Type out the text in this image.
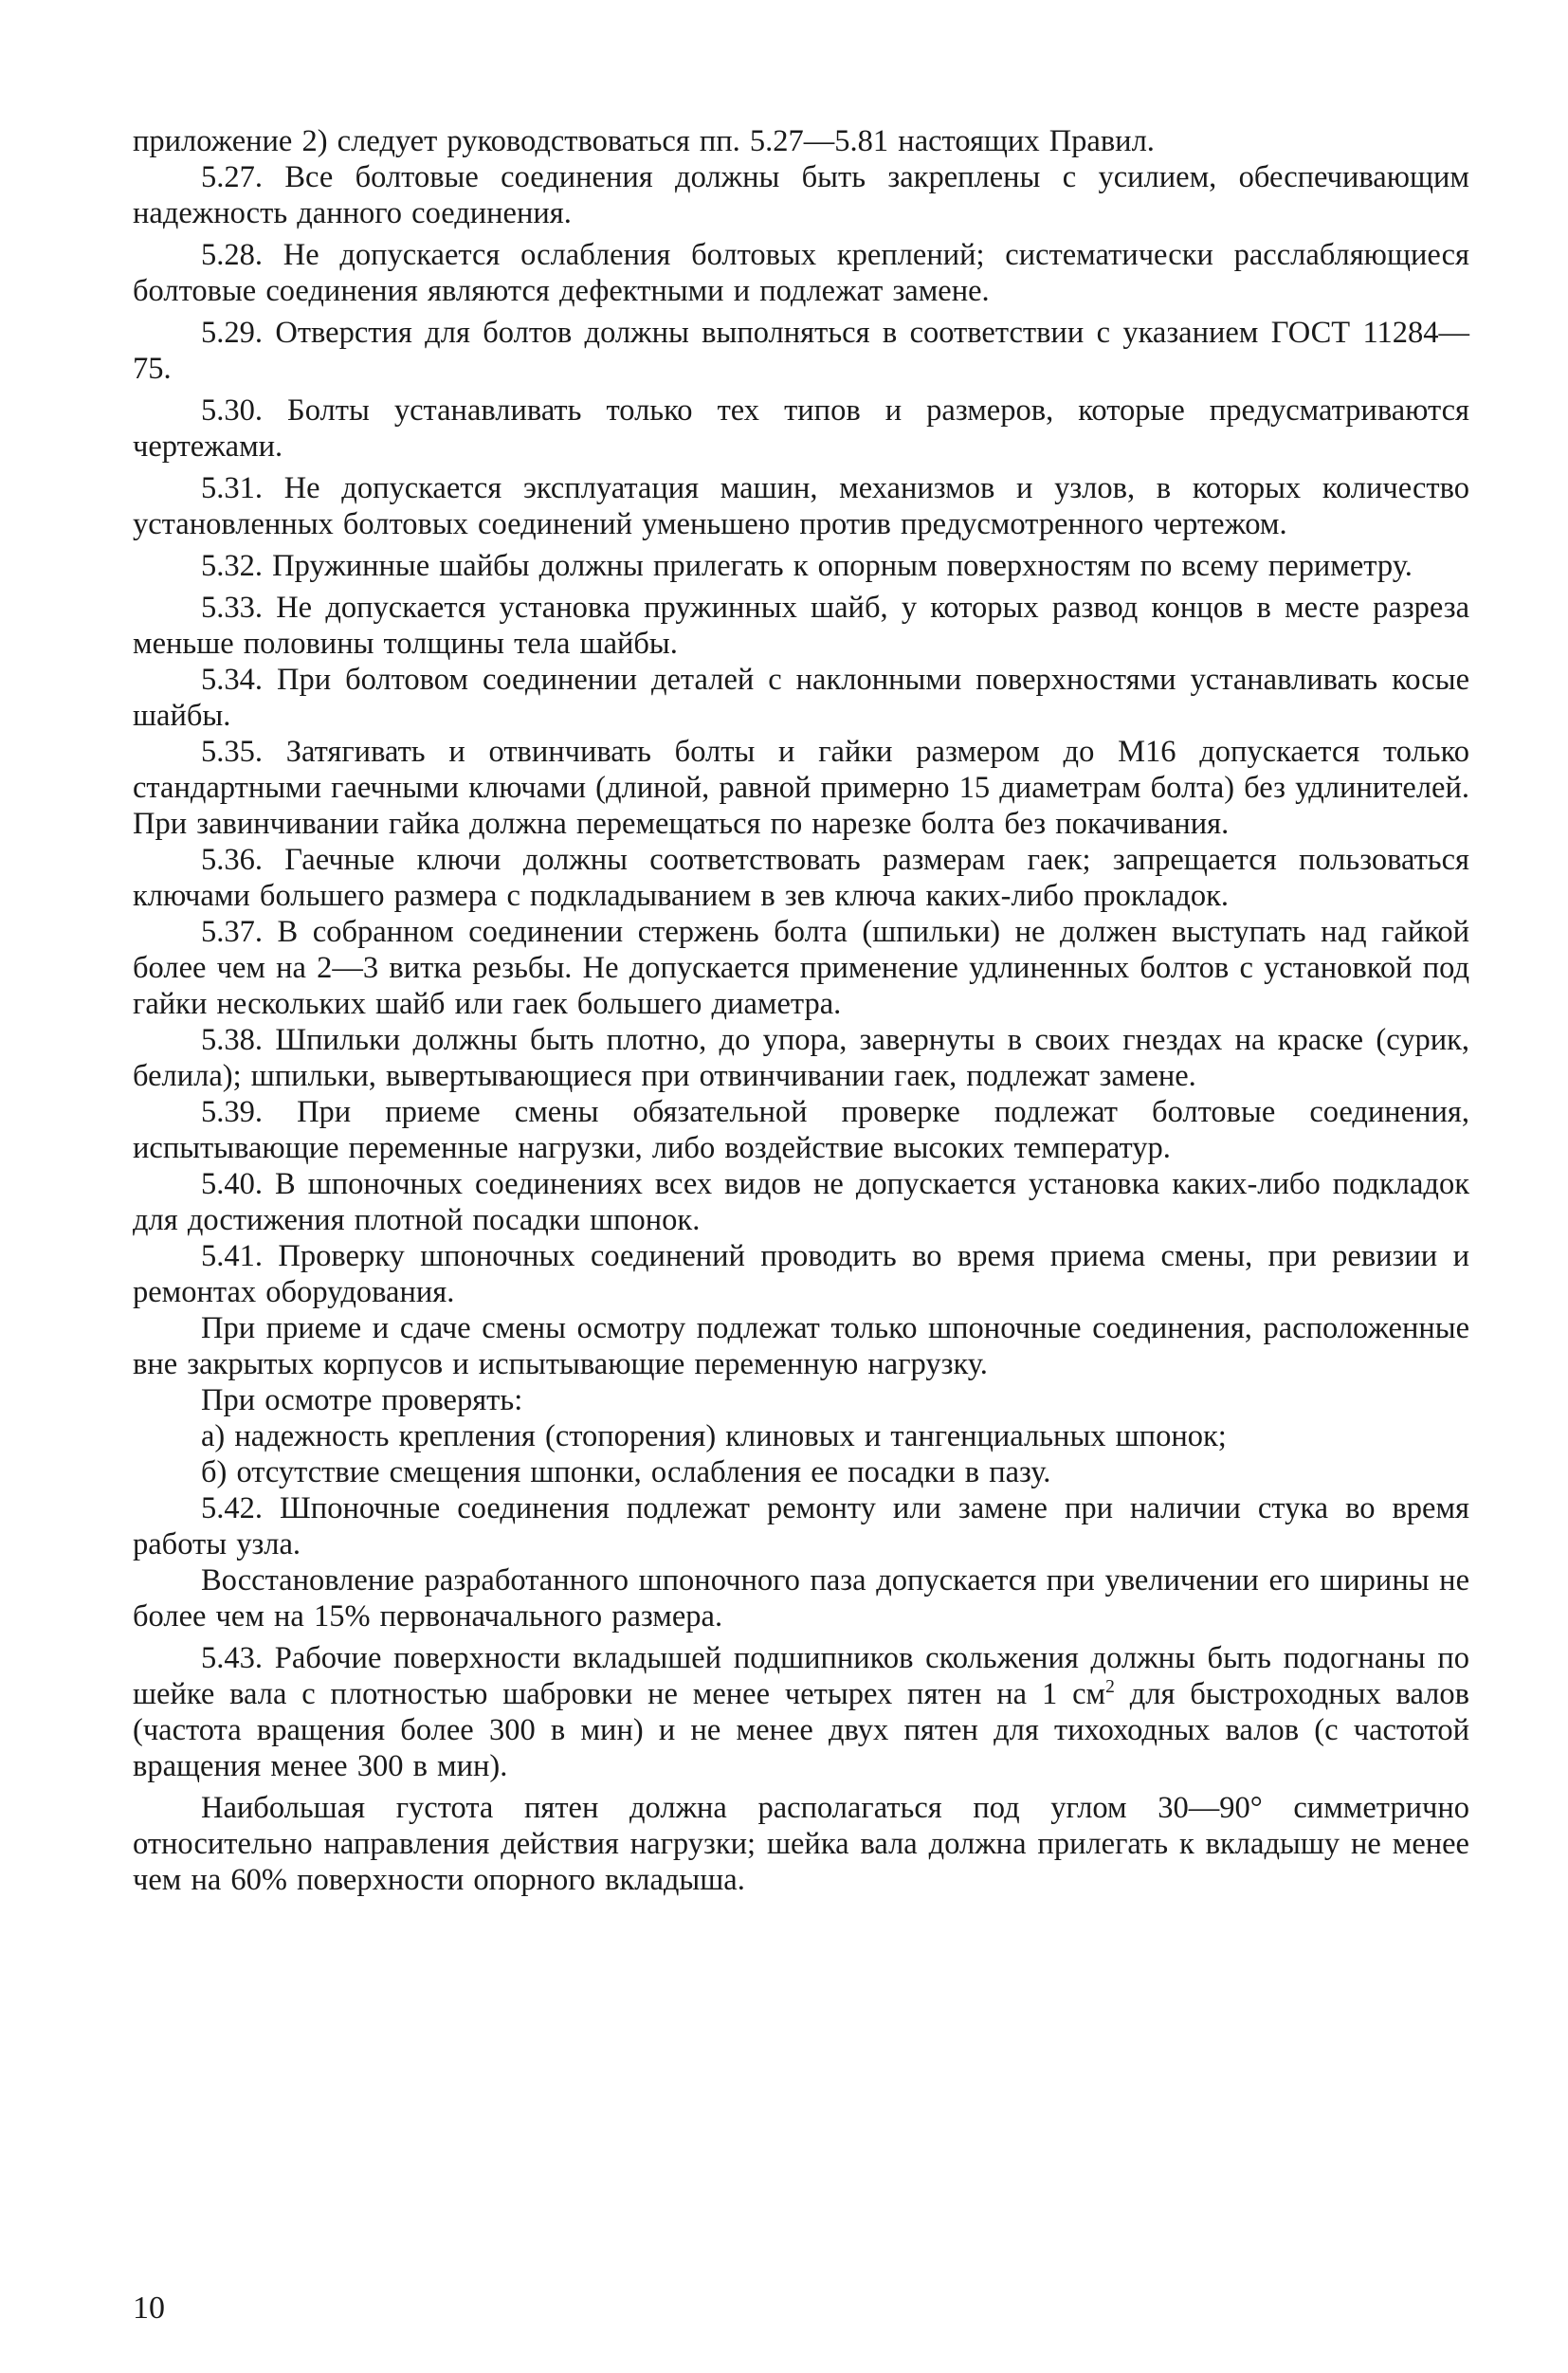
приложение 2) следует руководствоваться пп. 5.27—5.81 настоящих Правил.

5.27. Все болтовые соединения должны быть закреплены с усилием, обеспечивающим надежность данного соединения.

5.28. Не допускается ослабления болтовых креплений; систематически расслабляющиеся болтовые соединения являются дефектными и подлежат замене.

5.29. Отверстия для болтов должны выполняться в соответствии с указанием ГОСТ 11284—75.

5.30. Болты устанавливать только тех типов и размеров, которые предусматриваются чертежами.

5.31. Не допускается эксплуатация машин, механизмов и узлов, в которых количество установленных болтовых соединений уменьшено против предусмотренного чертежом.

5.32. Пружинные шайбы должны прилегать к опорным поверхностям по всему периметру.

5.33. Не допускается установка пружинных шайб, у которых развод концов в месте разреза меньше половины толщины тела шайбы.

5.34. При болтовом соединении деталей с наклонными поверхностями устанавливать косые шайбы.

5.35. Затягивать и отвинчивать болты и гайки размером до М16 допускается только стандартными гаечными ключами (длиной, равной примерно 15 диаметрам болта) без удлинителей. При завинчивании гайка должна перемещаться по нарезке болта без покачивания.

5.36. Гаечные ключи должны соответствовать размерам гаек; запрещается пользоваться ключами большего размера с подкладыванием в зев ключа каких-либо прокладок.

5.37. В собранном соединении стержень болта (шпильки) не должен выступать над гайкой более чем на 2—3 витка резьбы. Не допускается применение удлиненных болтов с установкой под гайки нескольких шайб или гаек большего диаметра.

5.38. Шпильки должны быть плотно, до упора, завернуты в своих гнездах на краске (сурик, белила); шпильки, вывертывающиеся при отвинчивании гаек, подлежат замене.

5.39. При приеме смены обязательной проверке подлежат болтовые соединения, испытывающие переменные нагрузки, либо воздействие высоких температур.

5.40. В шпоночных соединениях всех видов не допускается установка каких-либо подкладок для достижения плотной посадки шпонок.

5.41. Проверку шпоночных соединений проводить во время приема смены, при ревизии и ремонтах оборудования.

При приеме и сдаче смены осмотру подлежат только шпоночные соединения, расположенные вне закрытых корпусов и испытывающие переменную нагрузку.

При осмотре проверять:

а) надежность крепления (стопорения) клиновых и тангенциальных шпонок;

б) отсутствие смещения шпонки, ослабления ее посадки в пазу.

5.42. Шпоночные соединения подлежат ремонту или замене при наличии стука во время работы узла.

Восстановление разработанного шпоночного паза допускается при увеличении его ширины не более чем на 15% первоначального размера.

5.43. Рабочие поверхности вкладышей подшипников скольжения должны быть подогнаны по шейке вала с плотностью шабровки не менее четырех пятен на 1 $см^2$ для быстроходных валов (частота вращения более 300 в мин) и не менее двух пятен для тихоходных валов (с частотой вращения менее 300 в мин).

Наибольшая густота пятен должна располагаться под углом 30—90° симметрично относительно направления действия нагрузки; шейка вала должна прилегать к вкладышу не менее чем на 60% поверхности опорного вкладыша.

10
